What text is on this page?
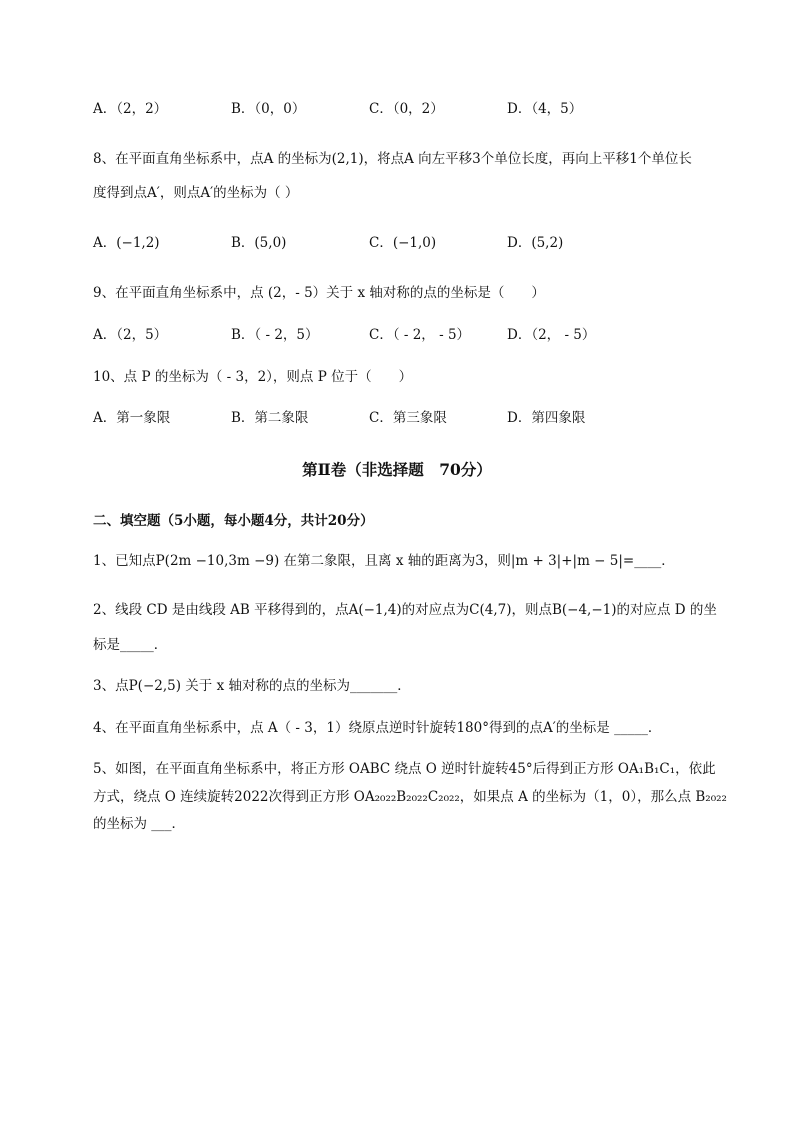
A．（2，2）	B．（0，0）	C．（0，2）	D．（4，5）
8、在平面直角坐标系中，点A 的坐标为(2,1)，将点A 向左平移3个单位长度，再向上平移1个单位长
度得到点A′，则点A′的坐标为（ ）
A．(−1,2)	B．(5,0)	C．(−1,0)	D．(5,2)
9、在平面直角坐标系中，点 (2，- 5）关于 x 轴对称的点的坐标是（　　）
A．（2，5）	B．（ - 2，5）	C．（ - 2， - 5）	D．（2， - 5）
10、点 P 的坐标为（ - 3，2），则点 P 位于（　　）
A．第一象限	B．第二象限	C．第三象限	D．第四象限
第Ⅱ卷（非选择题　70分）
二、填空题（5小题，每小题4分，共计20分）
1、已知点P(2m −10,3m −9) 在第二象限，且离 x 轴的距离为3，则|m + 3|+|m − 5|=____．
2、线段 CD 是由线段 AB 平移得到的，点A(−1,4)的对应点为C(4,7)，则点B(−4,−1)的对应点 D 的坐
标是_____．
3、点P(−2,5) 关于 x 轴对称的点的坐标为_______．
4、在平面直角坐标系中，点 A（ - 3，1）绕原点逆时针旋转180°得到的点A′的坐标是 _____．
5、如图，在平面直角坐标系中，将正方形 OABC 绕点 O 逆时针旋转45°后得到正方形 OA₁B₁C₁，依此
方式，绕点 O 连续旋转2022次得到正方形 OA₂₀₂₂B₂₀₂₂C₂₀₂₂，如果点 A 的坐标为（1，0），那么点 B₂₀₂₂
的坐标为 ___．
